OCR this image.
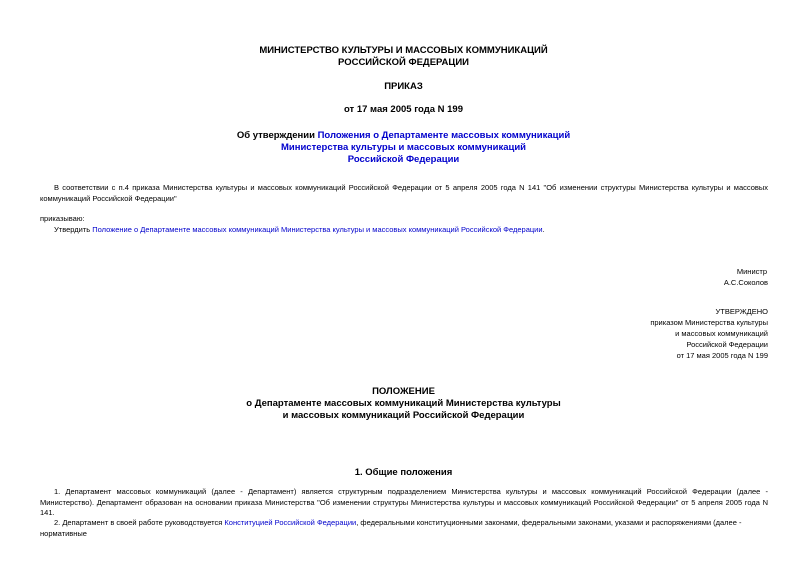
МИНИСТЕРСТВО КУЛЬТУРЫ И МАССОВЫХ КОММУНИКАЦИЙ
РОССИЙСКОЙ ФЕДЕРАЦИИ
ПРИКАЗ
от 17 мая 2005 года N 199
Об утверждении Положения о Департаменте массовых коммуникаций
Министерства культуры и массовых коммуникаций
Российской Федерации
В соответствии с п.4 приказа Министерства культуры и массовых коммуникаций Российской Федерации от 5 апреля 2005 года N 141 "Об изменении структуры Министерства культуры и массовых коммуникаций Российской Федерации"
приказываю:
Утвердить Положение о Департаменте массовых коммуникаций Министерства культуры и массовых коммуникаций Российской Федерации.
Министр
А.С.Соколов
УТВЕРЖДЕНО
приказом Министерства культуры
и массовых коммуникаций
Российской Федерации
от 17 мая 2005 года N 199
ПОЛОЖЕНИЕ
о Департаменте массовых коммуникаций Министерства культуры
и массовых коммуникаций Российской Федерации
1. Общие положения
1. Департамент массовых коммуникаций (далее - Департамент) является структурным подразделением Министерства культуры и массовых коммуникаций Российской Федерации (далее - Министерство). Департамент образован на основании приказа Министерства "Об изменении структуры Министерства культуры и массовых коммуникаций Российской Федерации" от 5 апреля 2005 года N 141.
2. Департамент в своей работе руководствуется Конституцией Российской Федерации, федеральными конституционными законами, федеральными законами, указами и распоряжениями (далее - нормативные
